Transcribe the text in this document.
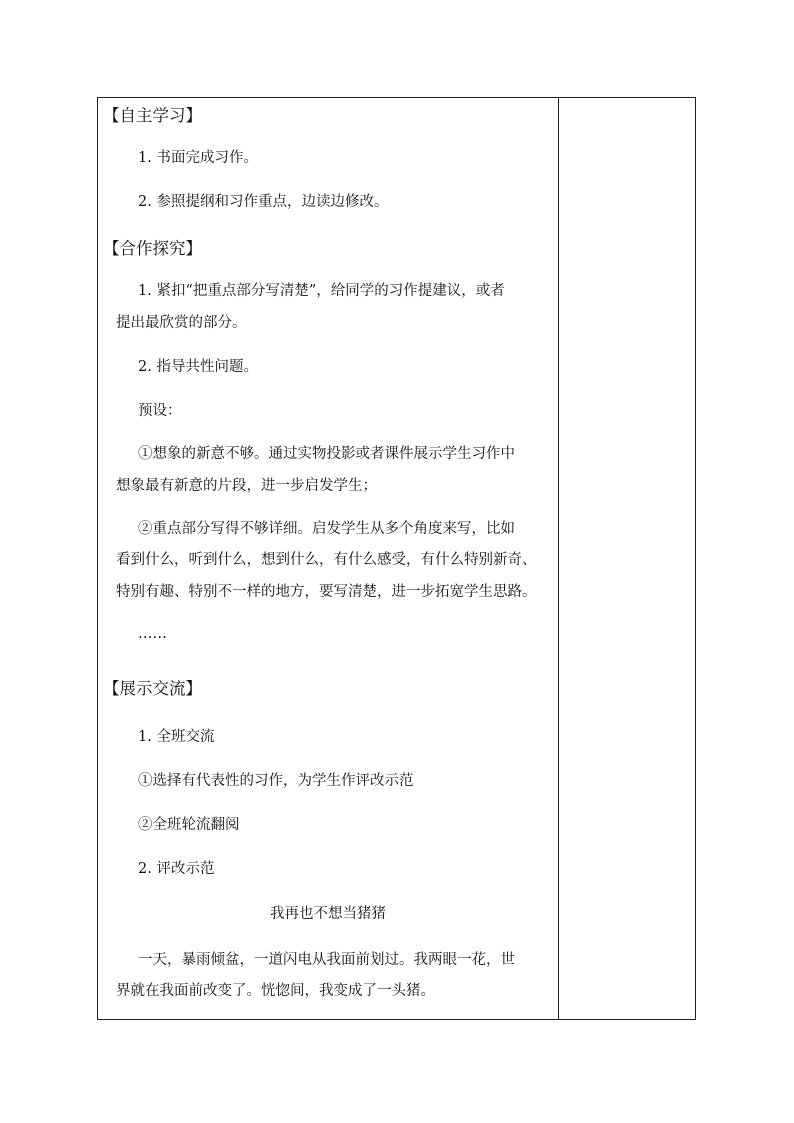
【自主学习】
1. 书面完成习作。
2. 参照提纲和习作重点，边读边修改。
【合作探究】
1. 紧扣“把重点部分写清楚”，给同学的习作提建议，或者
提出最欣赏的部分。
2. 指导共性问题。
预设：
①想象的新意不够。通过实物投影或者课件展示学生习作中
想象最有新意的片段，进一步启发学生；
②重点部分写得不够详细。启发学生从多个角度来写，比如
看到什么，听到什么，想到什么，有什么感受，有什么特别新奇、
特别有趣、特别不一样的地方，要写清楚，进一步拓宽学生思路。
……
【展示交流】
1. 全班交流
①选择有代表性的习作，为学生作评改示范
②全班轮流翻阅
2. 评改示范
我再也不想当猪猪
一天，暴雨倾盆，一道闪电从我面前划过。我两眼一花，世
界就在我面前改变了。恍惚间，我变成了一头猪。
